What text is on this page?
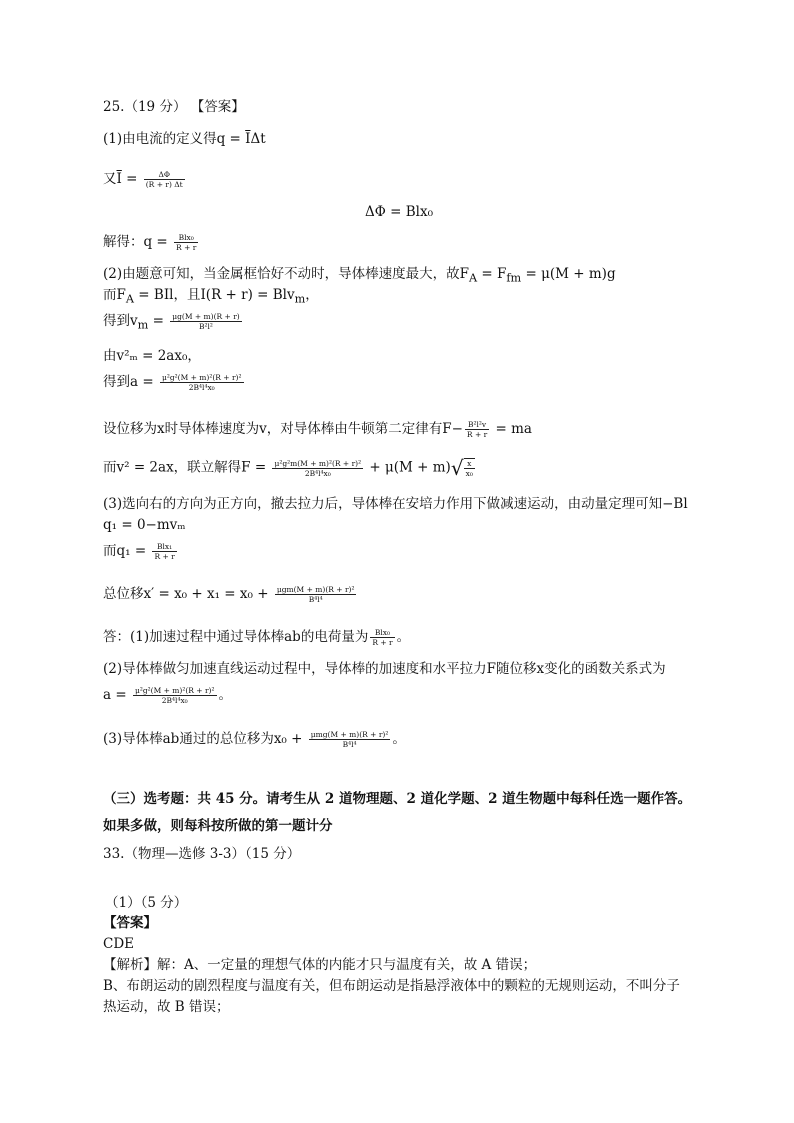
25.（19 分） 【答案】
(1)由电流的定义得$q = \overline{I}\Delta t$
又$\overline{I} = \frac{\Delta\Phi}{(R + r) \Delta t}$
ΔΦ = Blx₀
解得：$q = \frac{\text{Blx₀}}{R + r}$
(2)由题意可知，当金属框恰好不动时，导体棒速度最大，故$F_A = F_{fm} = \mu(M + m)g$
而$F_A$ = BIl，且I(R + r) = Blv$_m$，
得到$v_m = \frac{\mu g(M + m)(R + r)}{\text{B²l²}}$
由v²ₘ = 2ax₀，
得到$a = \frac{\text{μ²g²(M + m)²(R + r)²}}{\text{2B⁴l⁴x₀}}$
设位移为x时导体棒速度为v，对导体棒由牛顿第二定律有$F- \frac{\text{B²l²v}}{R + r}$ = ma
而v² = 2ax，联立解得$F = \frac{\text{μ²g²m(M + m)²(R + r)²}}{\text{2B⁴l⁴x₀}} + \mu(M + m)√ \frac{x}{\text{x₀}}$
(3)选向右的方向为正方向，撤去拉力后，导体棒在安培力作用下做减速运动，由动量定理可知−Bl
q₁ = 0−mvₘ
而$q_1 = \frac{\text{Blx₁}}{R + r}$
总位移$x' = x_0 + x_1 = x_0 + \frac{\text{μgm(M + m)(R + r)²}}{\text{B⁴l⁴}}$
答：(1)加速过程中通过导体棒ab的电荷量为 $\frac{\text{Blx₀}}{R + r}$ 。
(2)导体棒做匀加速直线运动过程中，导体棒的加速度和水平拉力F随位移x变化的函数关系式为
$a = \frac{\text{μ²g²(M + m)²(R + r)²}}{\text{2B⁴l⁴x₀}}$ 。
(3)导体棒ab通过的总位移为$x_0 + \frac{\text{μmg(M + m)(R + r)²}}{\text{B⁴l⁴}}$ 。
（三）选考题：共 45 分。请考生从 2 道物理题、2 道化学题、2 道生物题中每科任选一题作答。
如果多做，则每科按所做的第一题计分
33.（物理—选修 3-3）（15 分）
（1）（5 分）
【答案】
CDE
【解析】解：A、一定量的理想气体的内能才只与温度有关，故 A 错误；
B、布朗运动的剧烈程度与温度有关，但布朗运动是指悬浮液体中的颗粒的无规则运动，不叫分子
热运动，故 B 错误；
